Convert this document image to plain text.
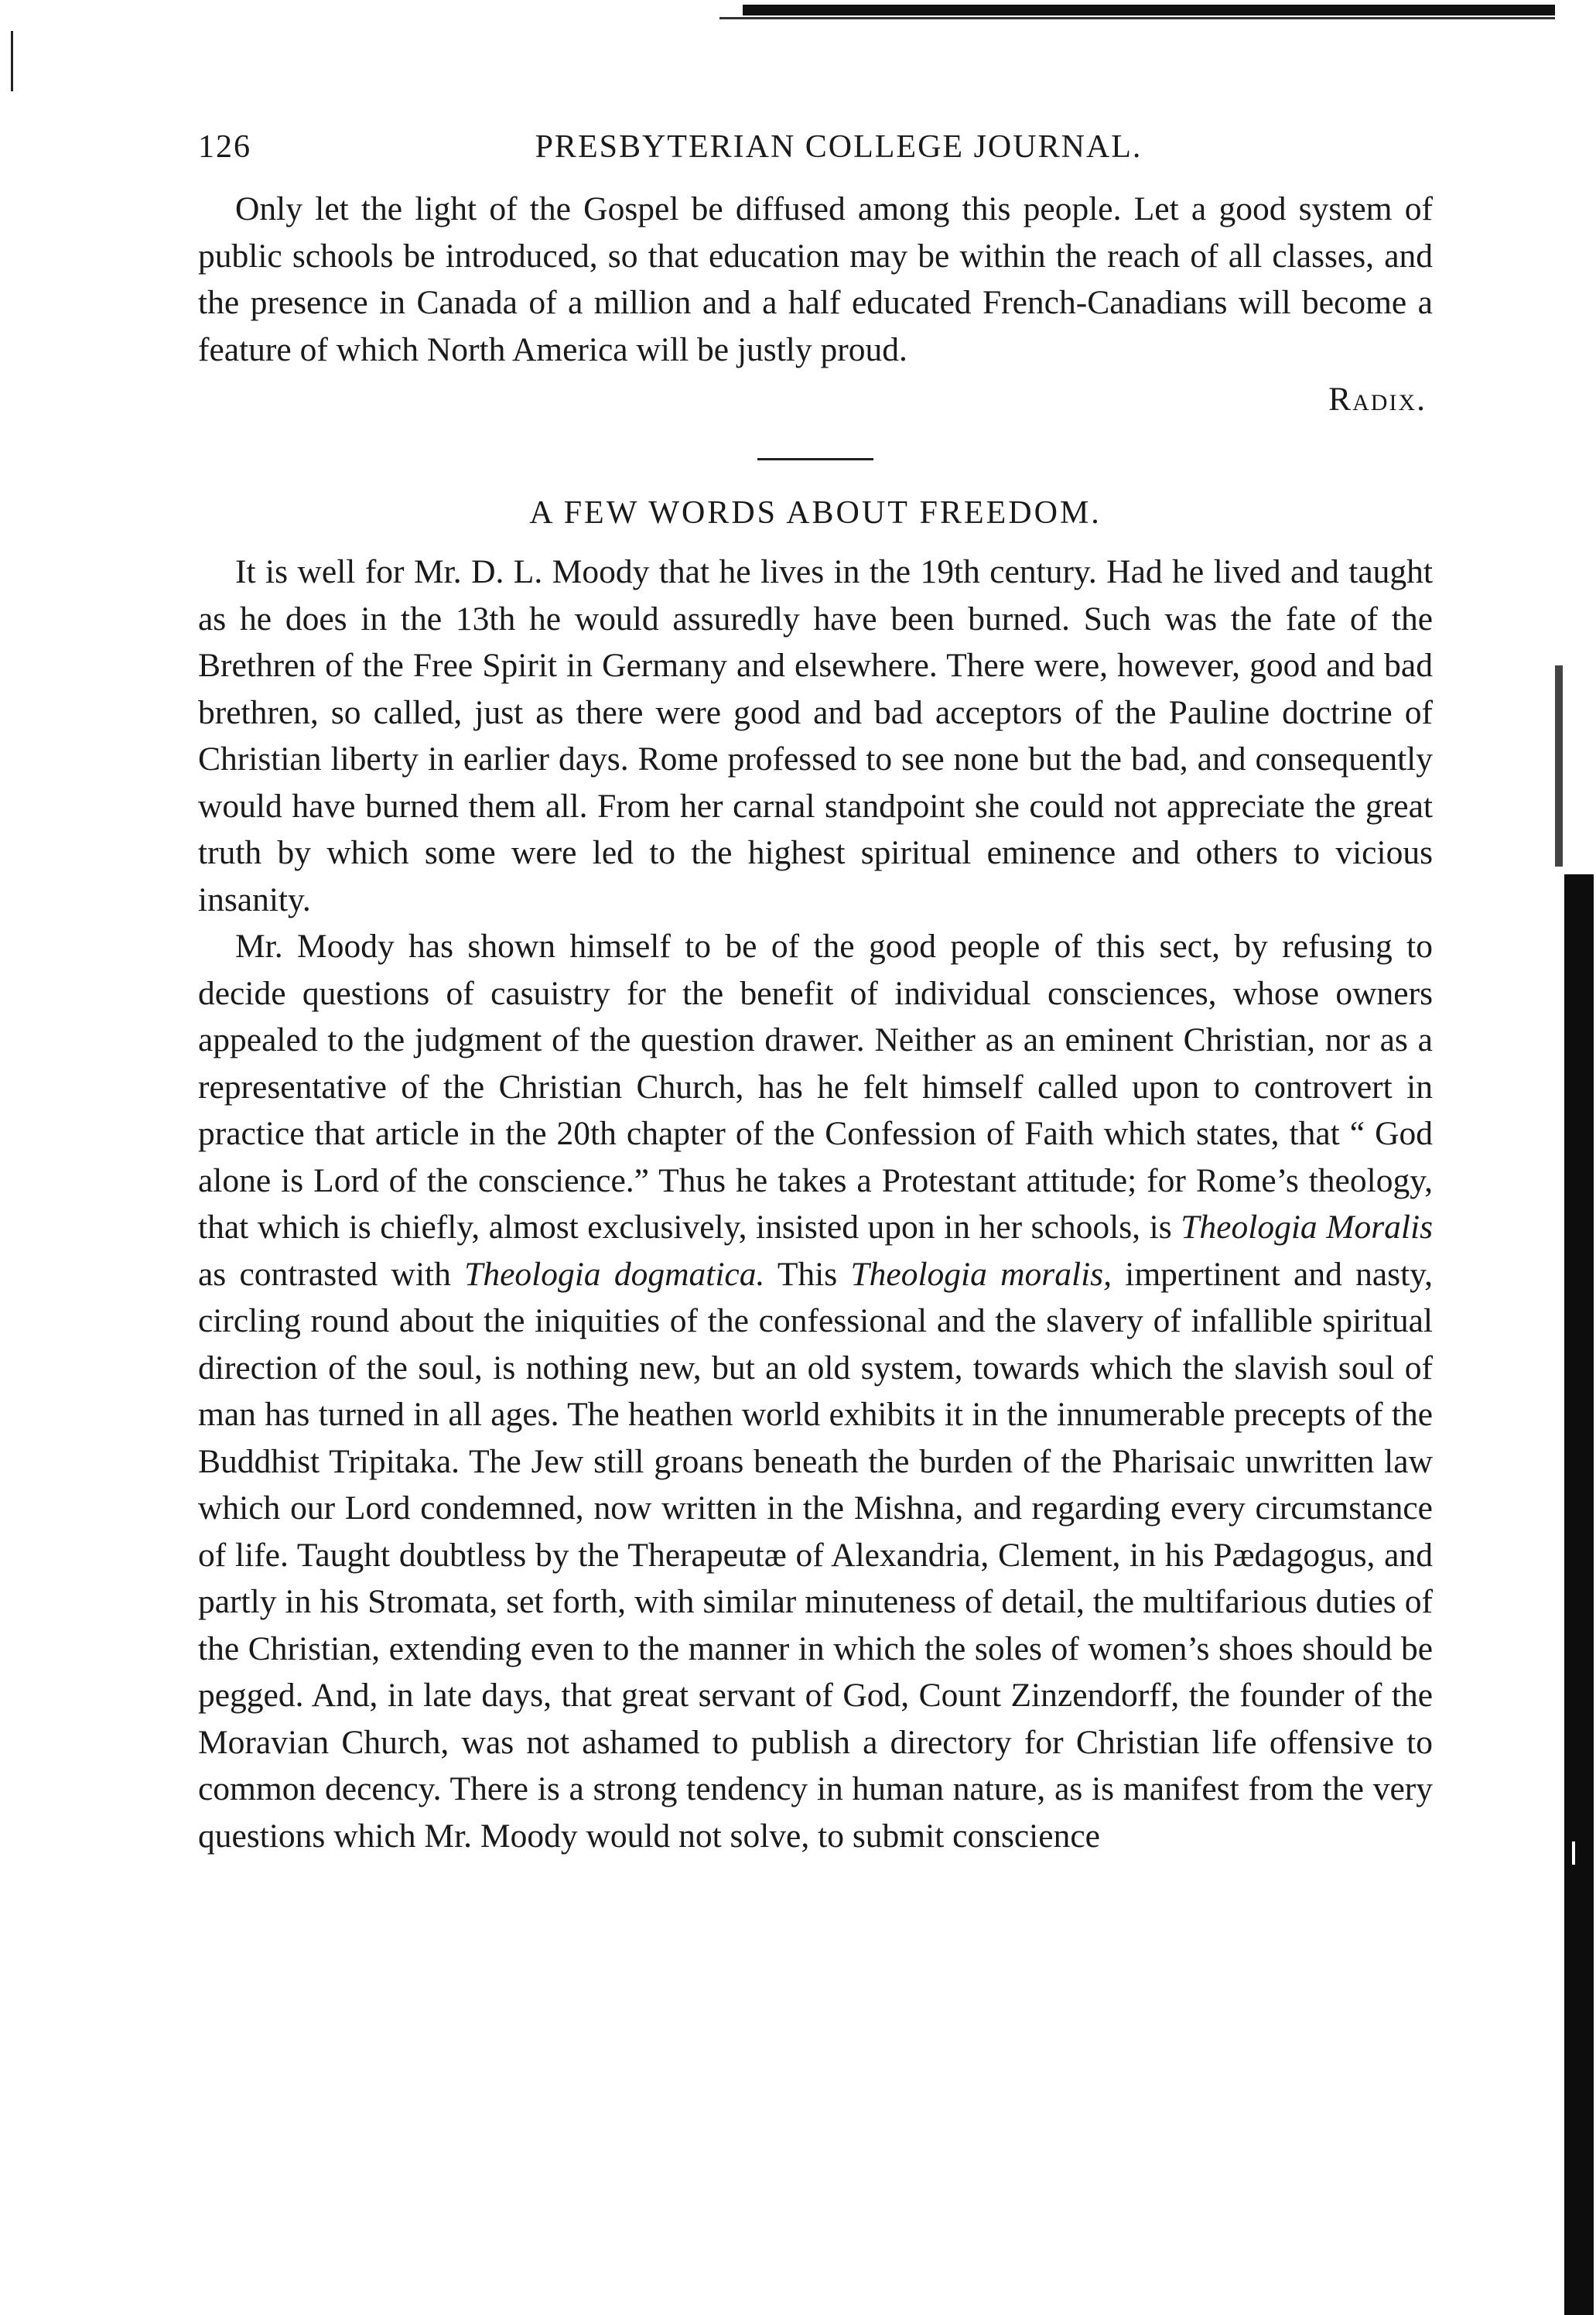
126	PRESBYTERIAN COLLEGE JOURNAL.

Only let the light of the Gospel be diffused among this people. Let a good system of public schools be introduced, so that education may be within the reach of all classes, and the presence in Canada of a million and a half educated French-Canadians will become a feature of which North America will be justly proud.

Radix.
A FEW WORDS ABOUT FREEDOM.

It is well for Mr. D. L. Moody that he lives in the 19th century. Had he lived and taught as he does in the 13th he would assuredly have been burned. Such was the fate of the Brethren of the Free Spirit in Germany and elsewhere. There were, however, good and bad brethren, so called, just as there were good and bad acceptors of the Pauline doctrine of Christian liberty in earlier days. Rome professed to see none but the bad, and consequently would have burned them all. From her carnal standpoint she could not appreciate the great truth by which some were led to the highest spiritual eminence and others to vicious insanity.

Mr. Moody has shown himself to be of the good people of this sect, by refusing to decide questions of casuistry for the benefit of individual consciences, whose owners appealed to the judgment of the question drawer. Neither as an eminent Christian, nor as a representative of the Christian Church, has he felt himself called upon to controvert in practice that article in the 20th chapter of the Confession of Faith which states, that “ God alone is Lord of the conscience.” Thus he takes a Protestant attitude; for Rome’s theology, that which is chiefly, almost exclusively, insisted upon in her schools, is Theologia Moralis as contrasted with Theologia dogmatica. This Theologia moralis, impertinent and nasty, circling round about the iniquities of the confessional and the slavery of infallible spiritual direction of the soul, is nothing new, but an old system, towards which the slavish soul of man has turned in all ages. The heathen world exhibits it in the innumerable precepts of the Buddhist Tripitaka. The Jew still groans beneath the burden of the Pharisaic unwritten law which our Lord condemned, now written in the Mishna, and regarding every circumstance of life. Taught doubtless by the Therapeutæ of Alexandria, Clement, in his Pædagogus, and partly in his Stromata, set forth, with similar minuteness of detail, the multifarious duties of the Christian, extending even to the manner in which the soles of women’s shoes should be pegged. And, in late days, that great servant of God, Count Zinzendorff, the founder of the Moravian Church, was not ashamed to publish a directory for Christian life offensive to common decency. There is a strong tendency in human nature, as is manifest from the very questions which Mr. Moody would not solve, to submit conscience
